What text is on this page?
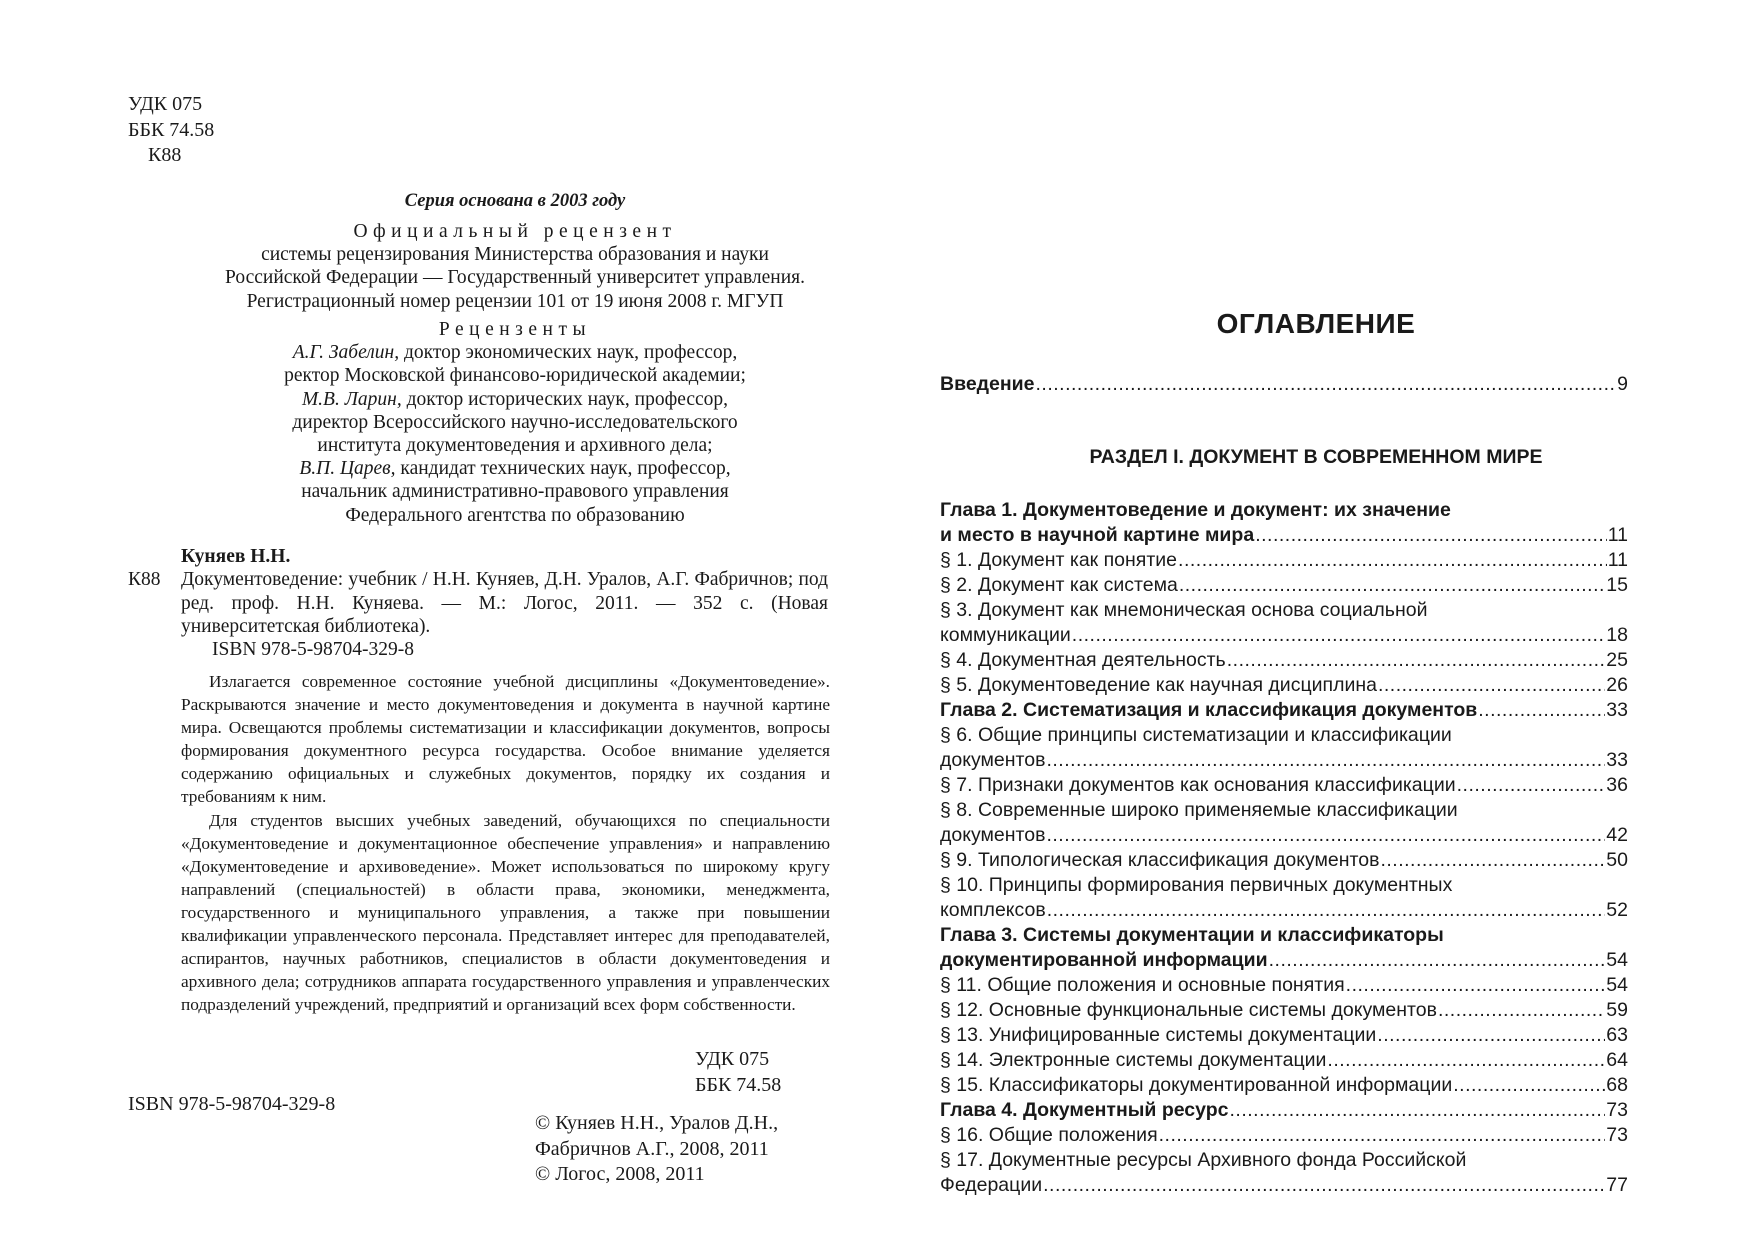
УДК 075
ББК 74.58
К88
Серия основана в 2003 году
Официальный рецензент
системы рецензирования Министерства образования и науки
Российской Федерации — Государственный университет управления.
Регистрационный номер рецензии 101 от 19 июня 2008 г. МГУП
Рецензенты
А.Г. Забелин, доктор экономических наук, профессор,
ректор Московской финансово-юридической академии;
М.В. Ларин, доктор исторических наук, профессор,
директор Всероссийского научно-исследовательского
института документоведения и архивного дела;
В.П. Царев, кандидат технических наук, профессор,
начальник административно-правового управления
Федерального агентства по образованию
Куняев Н.Н.
К88	Документоведение: учебник / Н.Н. Куняев, Д.Н. Уралов, А.Г. Фабричнов; под ред. проф. Н.Н. Куняева. — М.: Логос, 2011. — 352 с. (Новая университетская библиотека).
ISBN 978-5-98704-329-8

Излагается современное состояние учебной дисциплины «Документоведение». Раскрываются значение и место документоведения и документа в научной картине мира. Освещаются проблемы систематизации и классификации документов, вопросы формирования документного ресурса государства. Особое внимание уделяется содержанию официальных и служебных документов, порядку их создания и требованиям к ним.

Для студентов высших учебных заведений, обучающихся по специальности «Документоведение и документационное обеспечение управления» и направлению «Документоведение и архивоведение». Может использоваться по широкому кругу направлений (специальностей) в области права, экономики, менеджмента, государственного и муниципального управления, а также при повышении квалификации управленческого персонала. Представляет интерес для преподавателей, аспирантов, научных работников, специалистов в области документоведения и архивного дела; сотрудников аппарата государственного управления и управленческих подразделений учреждений, предприятий и организаций всех форм собственности.

УДК 075
ББК 74.58
ISBN 978-5-98704-329-8
© Куняев Н.Н., Уралов Д.Н.,
Фабричнов А.Г., 2008, 2011
© Логос, 2008, 2011
ОГЛАВЛЕНИЕ
Введение .....	9
РАЗДЕЛ I. ДОКУМЕНТ В СОВРЕМЕННОМ МИРЕ
Глава 1. Документоведение и документ: их значение
и место в научной картине мира .....	11
§ 1. Документ как понятие .....	11
§ 2. Документ как система .....	15
§ 3. Документ как мнемоническая основа социальной
коммуникации .....	18
§ 4. Документная деятельность .....	25
§ 5. Документоведение как научная дисциплина .....	26
Глава 2. Систематизация и классификация документов .....	33
§ 6. Общие принципы систематизации и классификации
документов .....	33
§ 7. Признаки документов как основания классификации .....	36
§ 8. Современные широко применяемые классификации
документов .....	42
§ 9. Типологическая классификация документов .....	50
§ 10. Принципы формирования первичных документных
комплексов .....	52
Глава 3. Системы документации и классификаторы
документированной информации .....	54
§ 11. Общие положения и основные понятия .....	54
§ 12. Основные функциональные системы документов .....	59
§ 13. Унифицированные системы документации .....	63
§ 14. Электронные системы документации .....	64
§ 15. Классификаторы документированной информации .....	68
Глава 4. Документный ресурс .....	73
§ 16. Общие положения .....	73
§ 17. Документные ресурсы Архивного фонда Российской
Федерации .....	77
